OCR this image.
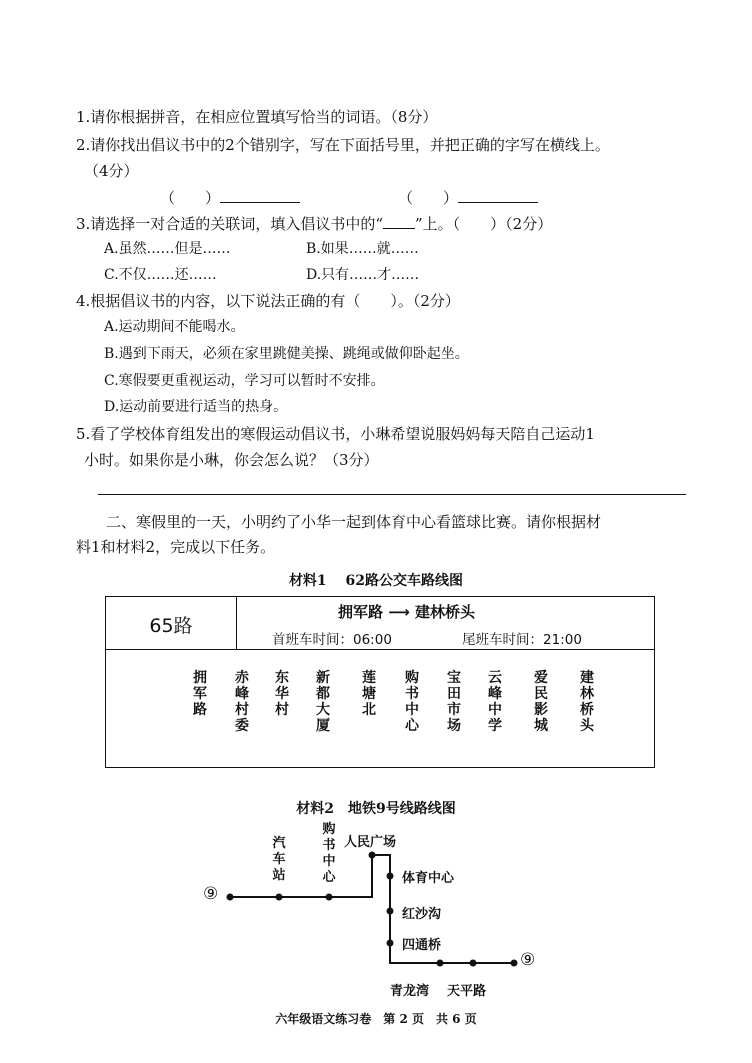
1.请你根据拼音，在相应位置填写恰当的词语。（8分）
2.请你找出倡议书中的2个错别字，写在下面括号里，并把正确的字写在横线上。
（4分）
（　　）	（　　）
3.请选择一对合适的关联词，填入倡议书中的“ ”上。（　　）（2分）
A.虽然……但是……	B.如果……就……
C.不仅……还……	D.只有……才……
4.根据倡议书的内容，以下说法正确的有（　　）。（2分）
A.运动期间不能喝水。
B.遇到下雨天，必须在家里跳健美操、跳绳或做仰卧起坐。
C.寒假要更重视运动，学习可以暂时不安排。
D.运动前要进行适当的热身。
5.看了学校体育组发出的寒假运动倡议书，小琳希望说服妈妈每天陪自己运动1
小时。如果你是小琳，你会怎么说？（3分）
二、寒假里的一天，小明约了小华一起到体育中心看篮球比赛。请你根据材
料1和材料2，完成以下任务。
材料1　 62路公交车路线图
65路
拥军路 ⟶ 建林桥头
首班车时间：06:00	尾班车时间：21:00
拥
军
路
赤
峰
村
委
东
华
村
新
都
大
厦
莲
塘
北
购
书
中
心
宝
田
市
场
云
峰
中
学
爱
民
影
城
建
林
桥
头
材料2　地铁9号线路线图
⑨
⑨
汽
车
站
购
书
中
心
人民广场
体育中心
红沙沟
四通桥
青龙湾 天平路
六年级语文练习卷　第 2 页　共 6 页
